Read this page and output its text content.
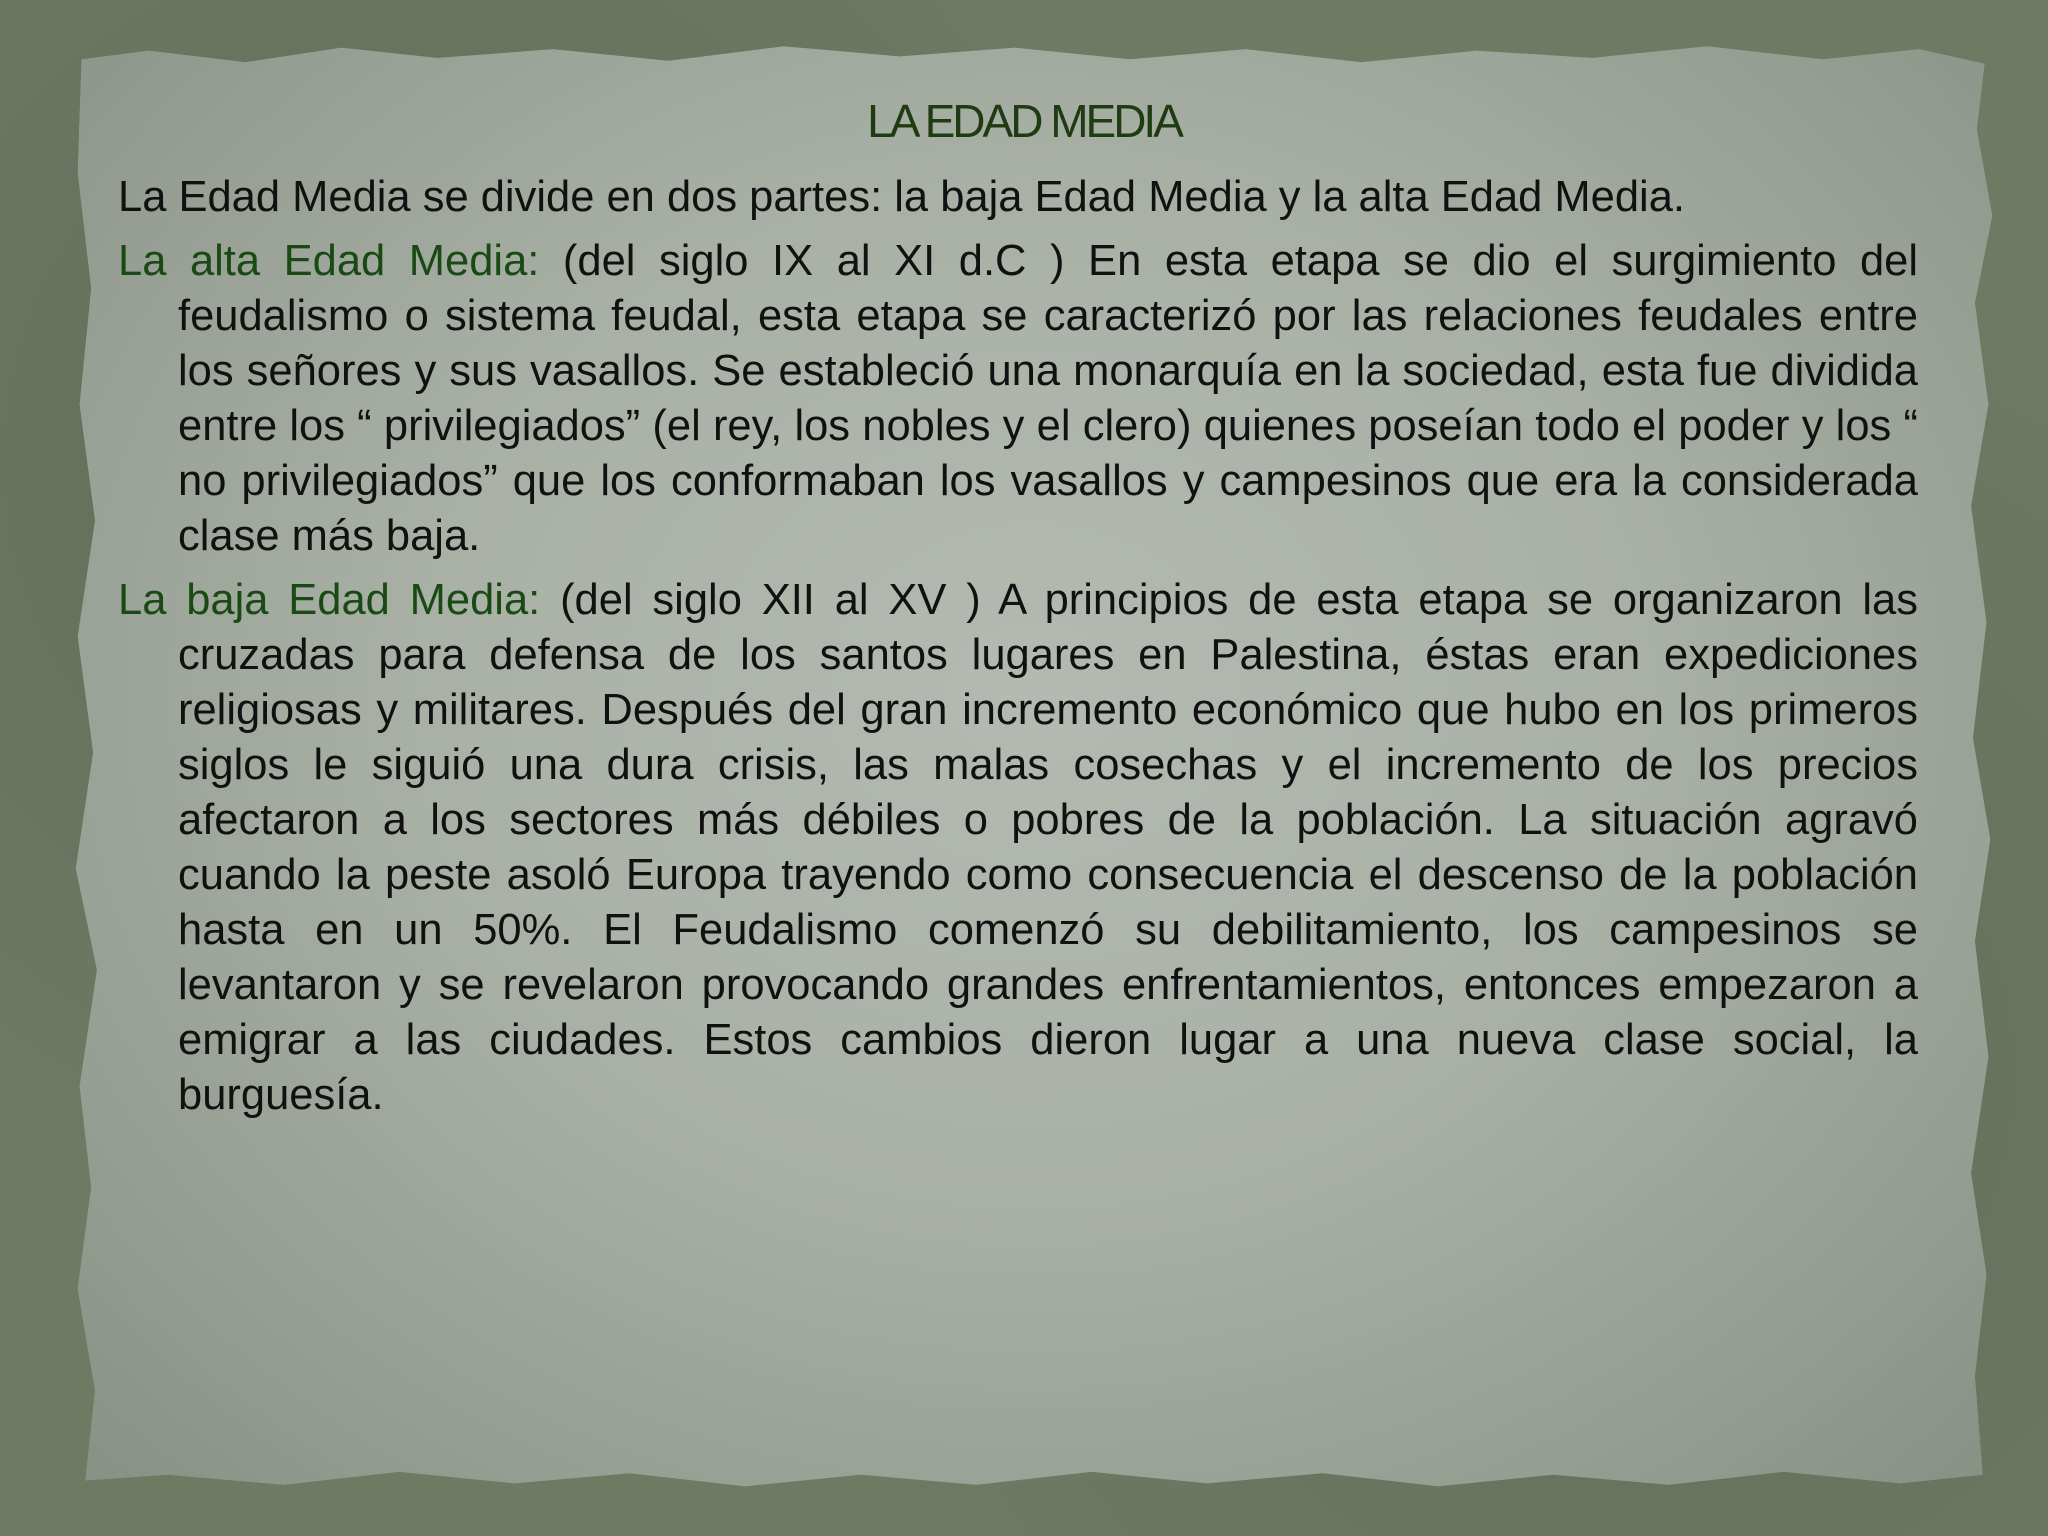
LA EDAD MEDIA

La Edad Media se divide en dos partes: la baja Edad Media y la alta Edad Media.

La alta Edad Media: (del siglo IX al XI d.C ) En esta etapa se dio el surgimiento del feudalismo o sistema feudal, esta etapa se caracterizó por las relaciones feudales entre los señores y sus vasallos. Se estableció una monarquía en la sociedad, esta fue dividida entre los “ privilegiados” (el rey, los nobles y el clero) quienes poseían todo el poder y los “ no privilegiados” que los conformaban los vasallos y campesinos que era la considerada clase más baja.

La baja Edad Media: (del siglo XII al XV ) A principios de esta etapa se organizaron las cruzadas para defensa de los santos lugares en Palestina, éstas eran expediciones religiosas y militares. Después del gran incremento económico que hubo en los primeros siglos le siguió una dura crisis, las malas cosechas y el incremento de los precios afectaron a los sectores más débiles o pobres de la población. La situación agravó cuando la peste asoló Europa trayendo como consecuencia el descenso de la población hasta en un 50%. El Feudalismo comenzó su debilitamiento, los campesinos se levantaron y se revelaron provocando grandes enfrentamientos, entonces empezaron a emigrar a las ciudades. Estos cambios dieron lugar a una nueva clase social, la burguesía.
